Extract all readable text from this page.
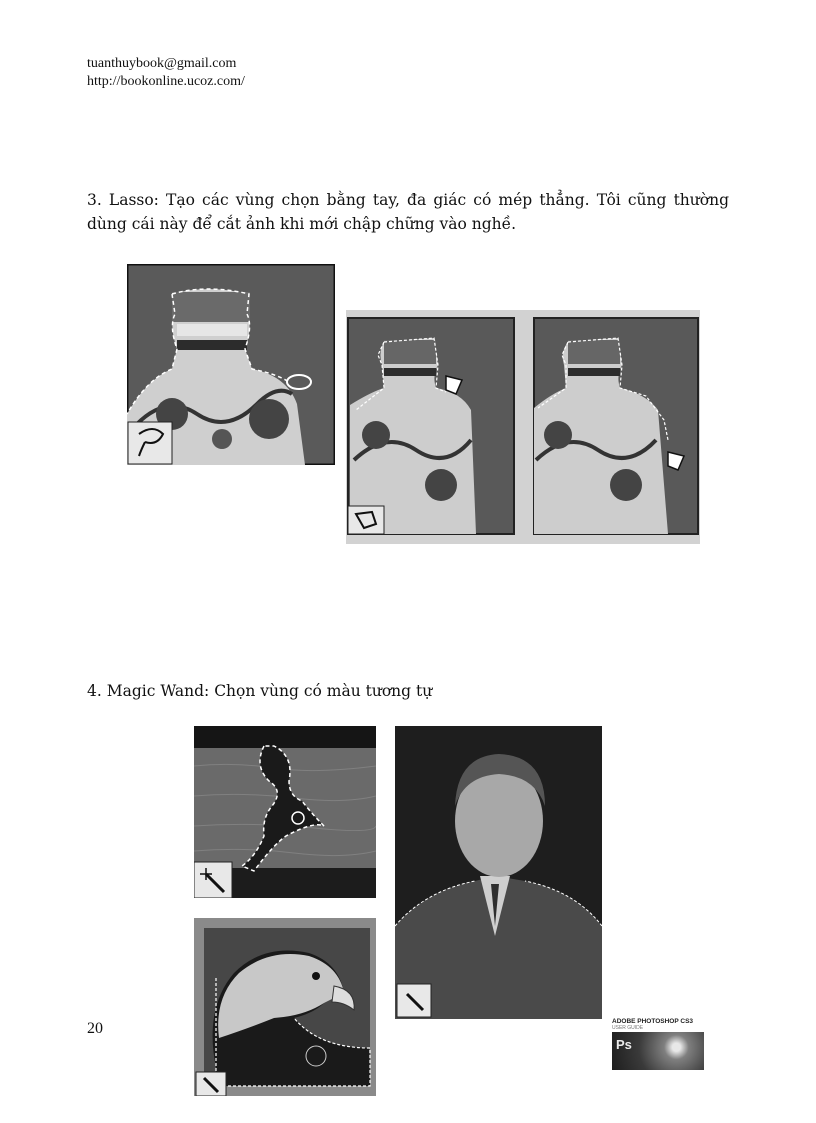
tuanthuybook@gmail.com
http://bookonline.ucoz.com/
3. Lasso: Tạo các vùng chọn bằng tay, đa giác có mép thẳng. Tôi cũng thường dùng cái này để cắt ảnh khi mới chập chững vào nghề.
4. Magic Wand: Chọn vùng có màu tương tự
20	ADOBE PHOTOSHOP CS3
USER GUIDE
Ps
